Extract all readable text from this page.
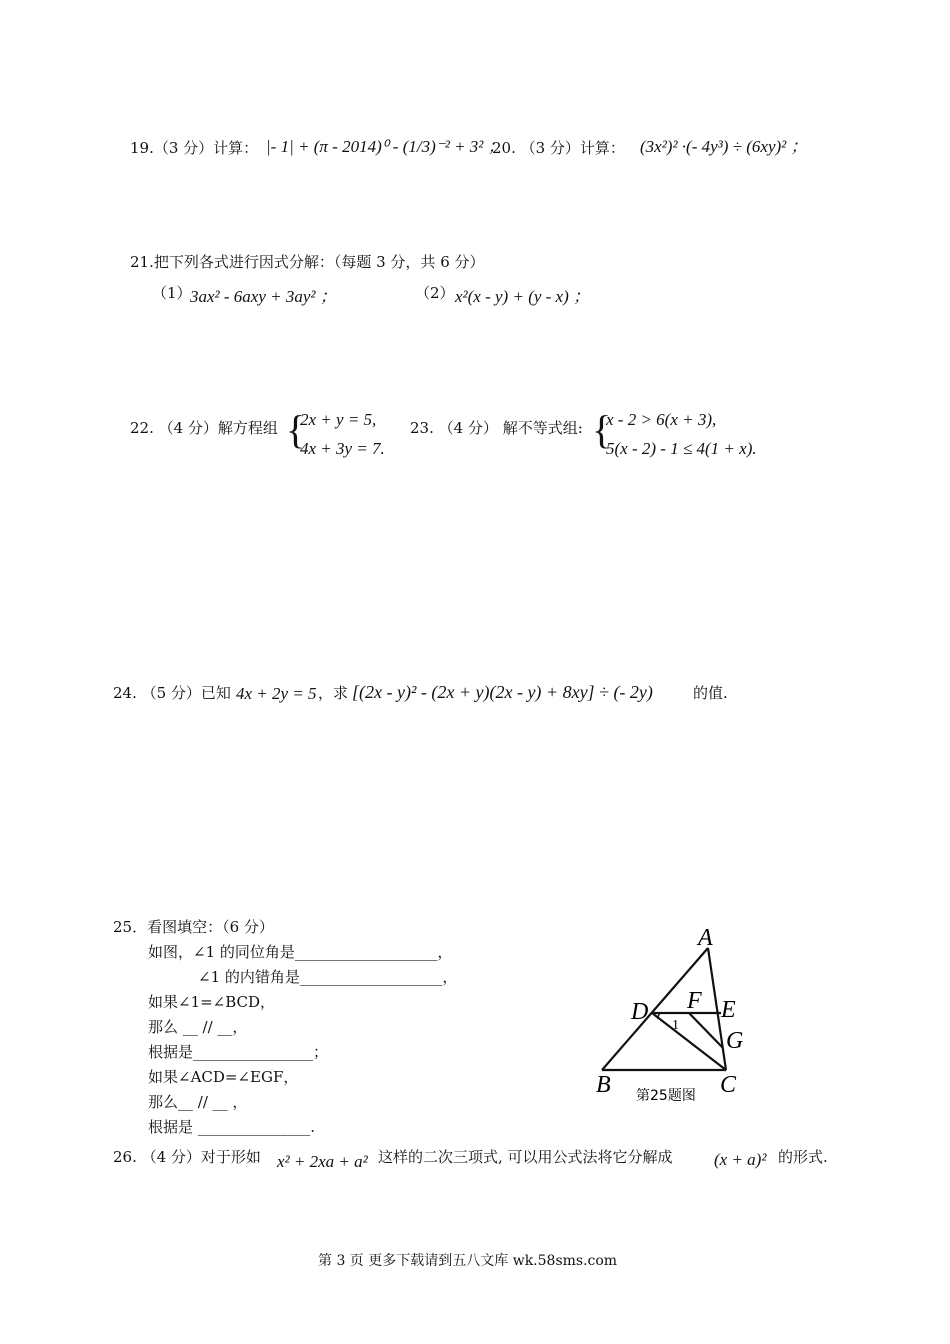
19.（3 分）计算： |- 1| + (π - 2014)⁰ - (1/3)⁻² + 3² ；
20. （3 分）计算： (3x²)² ·(- 4y³) ÷ (6xy)² ；
21.把下列各式进行因式分解：（每题 3 分，共 6 分）
（1）
3ax² - 6axy + 3ay² ；	（2） x²(x - y) + (y - x) ；
22. （4 分）解方程组 {
2x + y = 5,
4x + 3y = 7.
23. （4 分） 解不等式组: {
x - 2 > 6(x + 3),
5(x - 2) - 1 ≤ 4(1 + x).
24. （5 分）已知 4x + 2y = 5 ，求 [(2x - y)² - (2x + y)(2x - y) + 8xy] ÷ (- 2y)	的值.
25．看图填空：（6 分）
如图，∠1 的同位角是___________________，
∠1 的内错角是___________________，
如果∠1=∠BCD，
那么 __ // __，
根据是________________；
如果∠ACD=∠EGF，
那么__ // __ ，
根据是 _______________.
A
B	C
D	E
F
G
1
第25题图
26. （4 分）对于形如 x² + 2xa + a² 这样的二次三项式, 可以用公式法将它分解成 (x + a)² 的形式.
第 3 页 更多下载请到五八文库 wk.58sms.com
